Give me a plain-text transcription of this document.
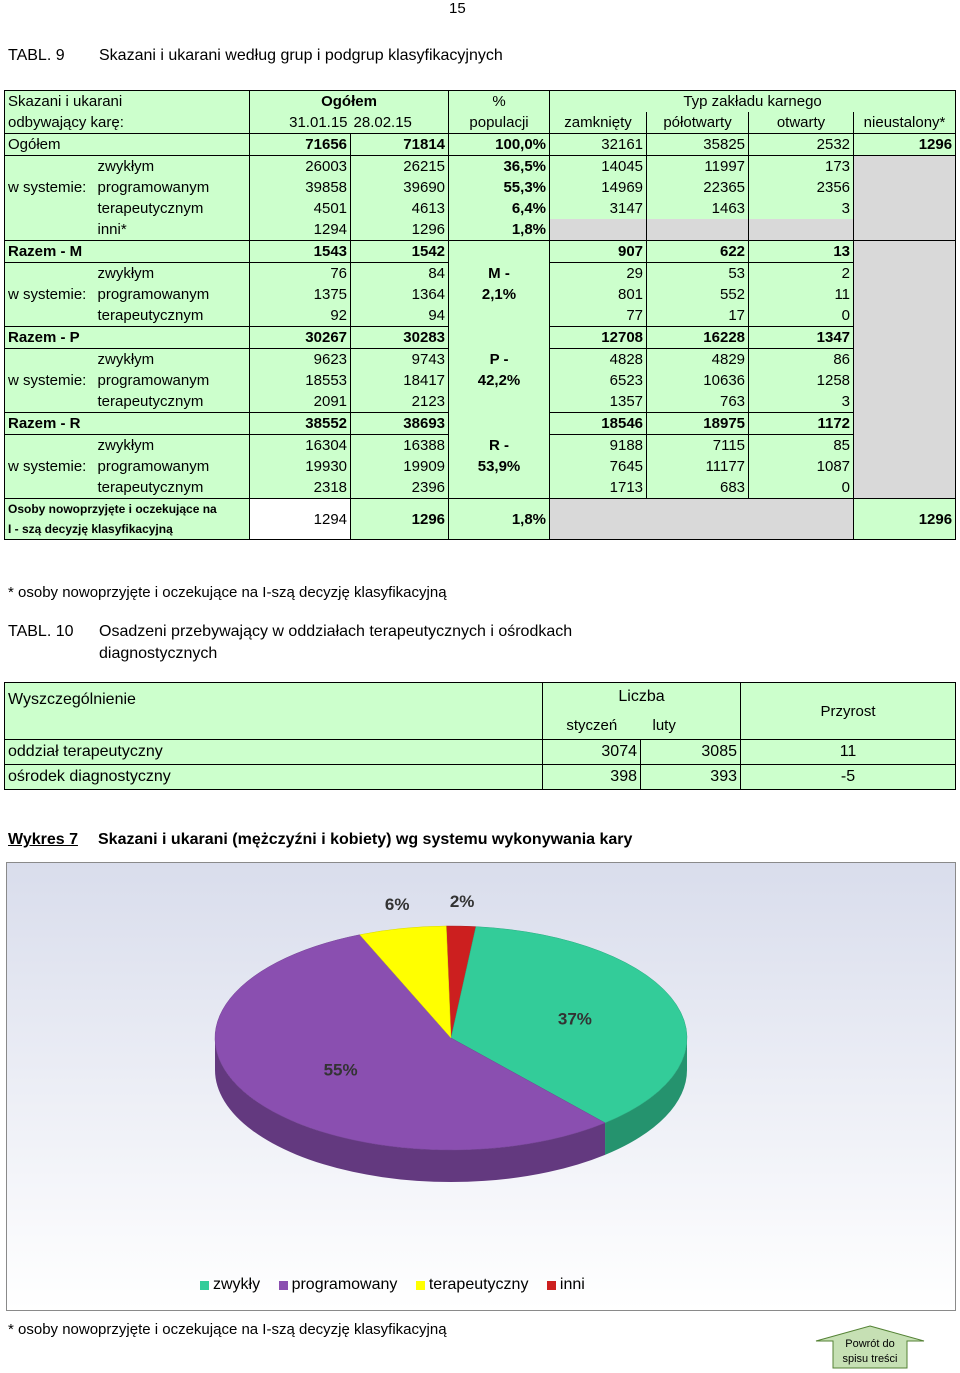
15
TABL. 9 Skazani i ukarani według grup i podgrup klasyfikacyjnych
Skazani i ukarani		Ogółem		%	Typ zakładu karnego			
odbywający karę:		31.01.15	28.02.15	populacji	zamknięty	półotwarty	otwarty	nieustalony*
Ogółem		71656	71814	100,0%	32161	35825	2532	1296
	zwykłym	26003	26215	36,5%	14045	11997	173	
w systemie:	programowanym	39858	39690	55,3%	14969	22365	2356	
	terapeutycznym	4501	4613	6,4%	3147	1463	3	
	inni*	1294	1296	1,8%				
Razem - M		1543	1542		907	622	13	
	zwykłym	76	84	M -	29	53	2	
w systemie:	programowanym	1375	1364	2,1%	801	552	11	
	terapeutycznym	92	94		77	17	0	
Razem - P		30267	30283		12708	16228	1347	
	zwykłym	9623	9743	P -	4828	4829	86	
w systemie:	programowanym	18553	18417	42,2%	6523	10636	1258	
	terapeutycznym	2091	2123		1357	763	3	
Razem - R		38552	38693		18546	18975	1172	
	zwykłym	16304	16388	R -	9188	7115	85	
w systemie:	programowanym	19930	19909	53,9%	7645	11177	1087	
	terapeutycznym	2318	2396		1713	683	0	
Osoby nowoprzyjęte i oczekujące na		1294	1296	1,8%				1296
I - szą decyzję klasyfikacyjną								
* osoby nowoprzyjęte i oczekujące na I-szą decyzję klasyfikacyjną
TABL. 10 Osadzeni przebywający w oddziałach terapeutycznych i ośrodkach
diagnostycznych
Wyszczególnienie	Liczba		Przyrost
	styczeń	luty	
oddział terapeutyczny	3074	3085	11
ośrodek diagnostyczny	398	393	-5
Wykres 7 Skazani i ukarani (mężczyźni i kobiety) wg systemu wykonywania kary
2%
37%
55%
6%
zwykły
programowany
terapeutyczny
inni
* osoby nowoprzyjęte i oczekujące na I-szą decyzję klasyfikacyjną
Powrót do
spisu treści
